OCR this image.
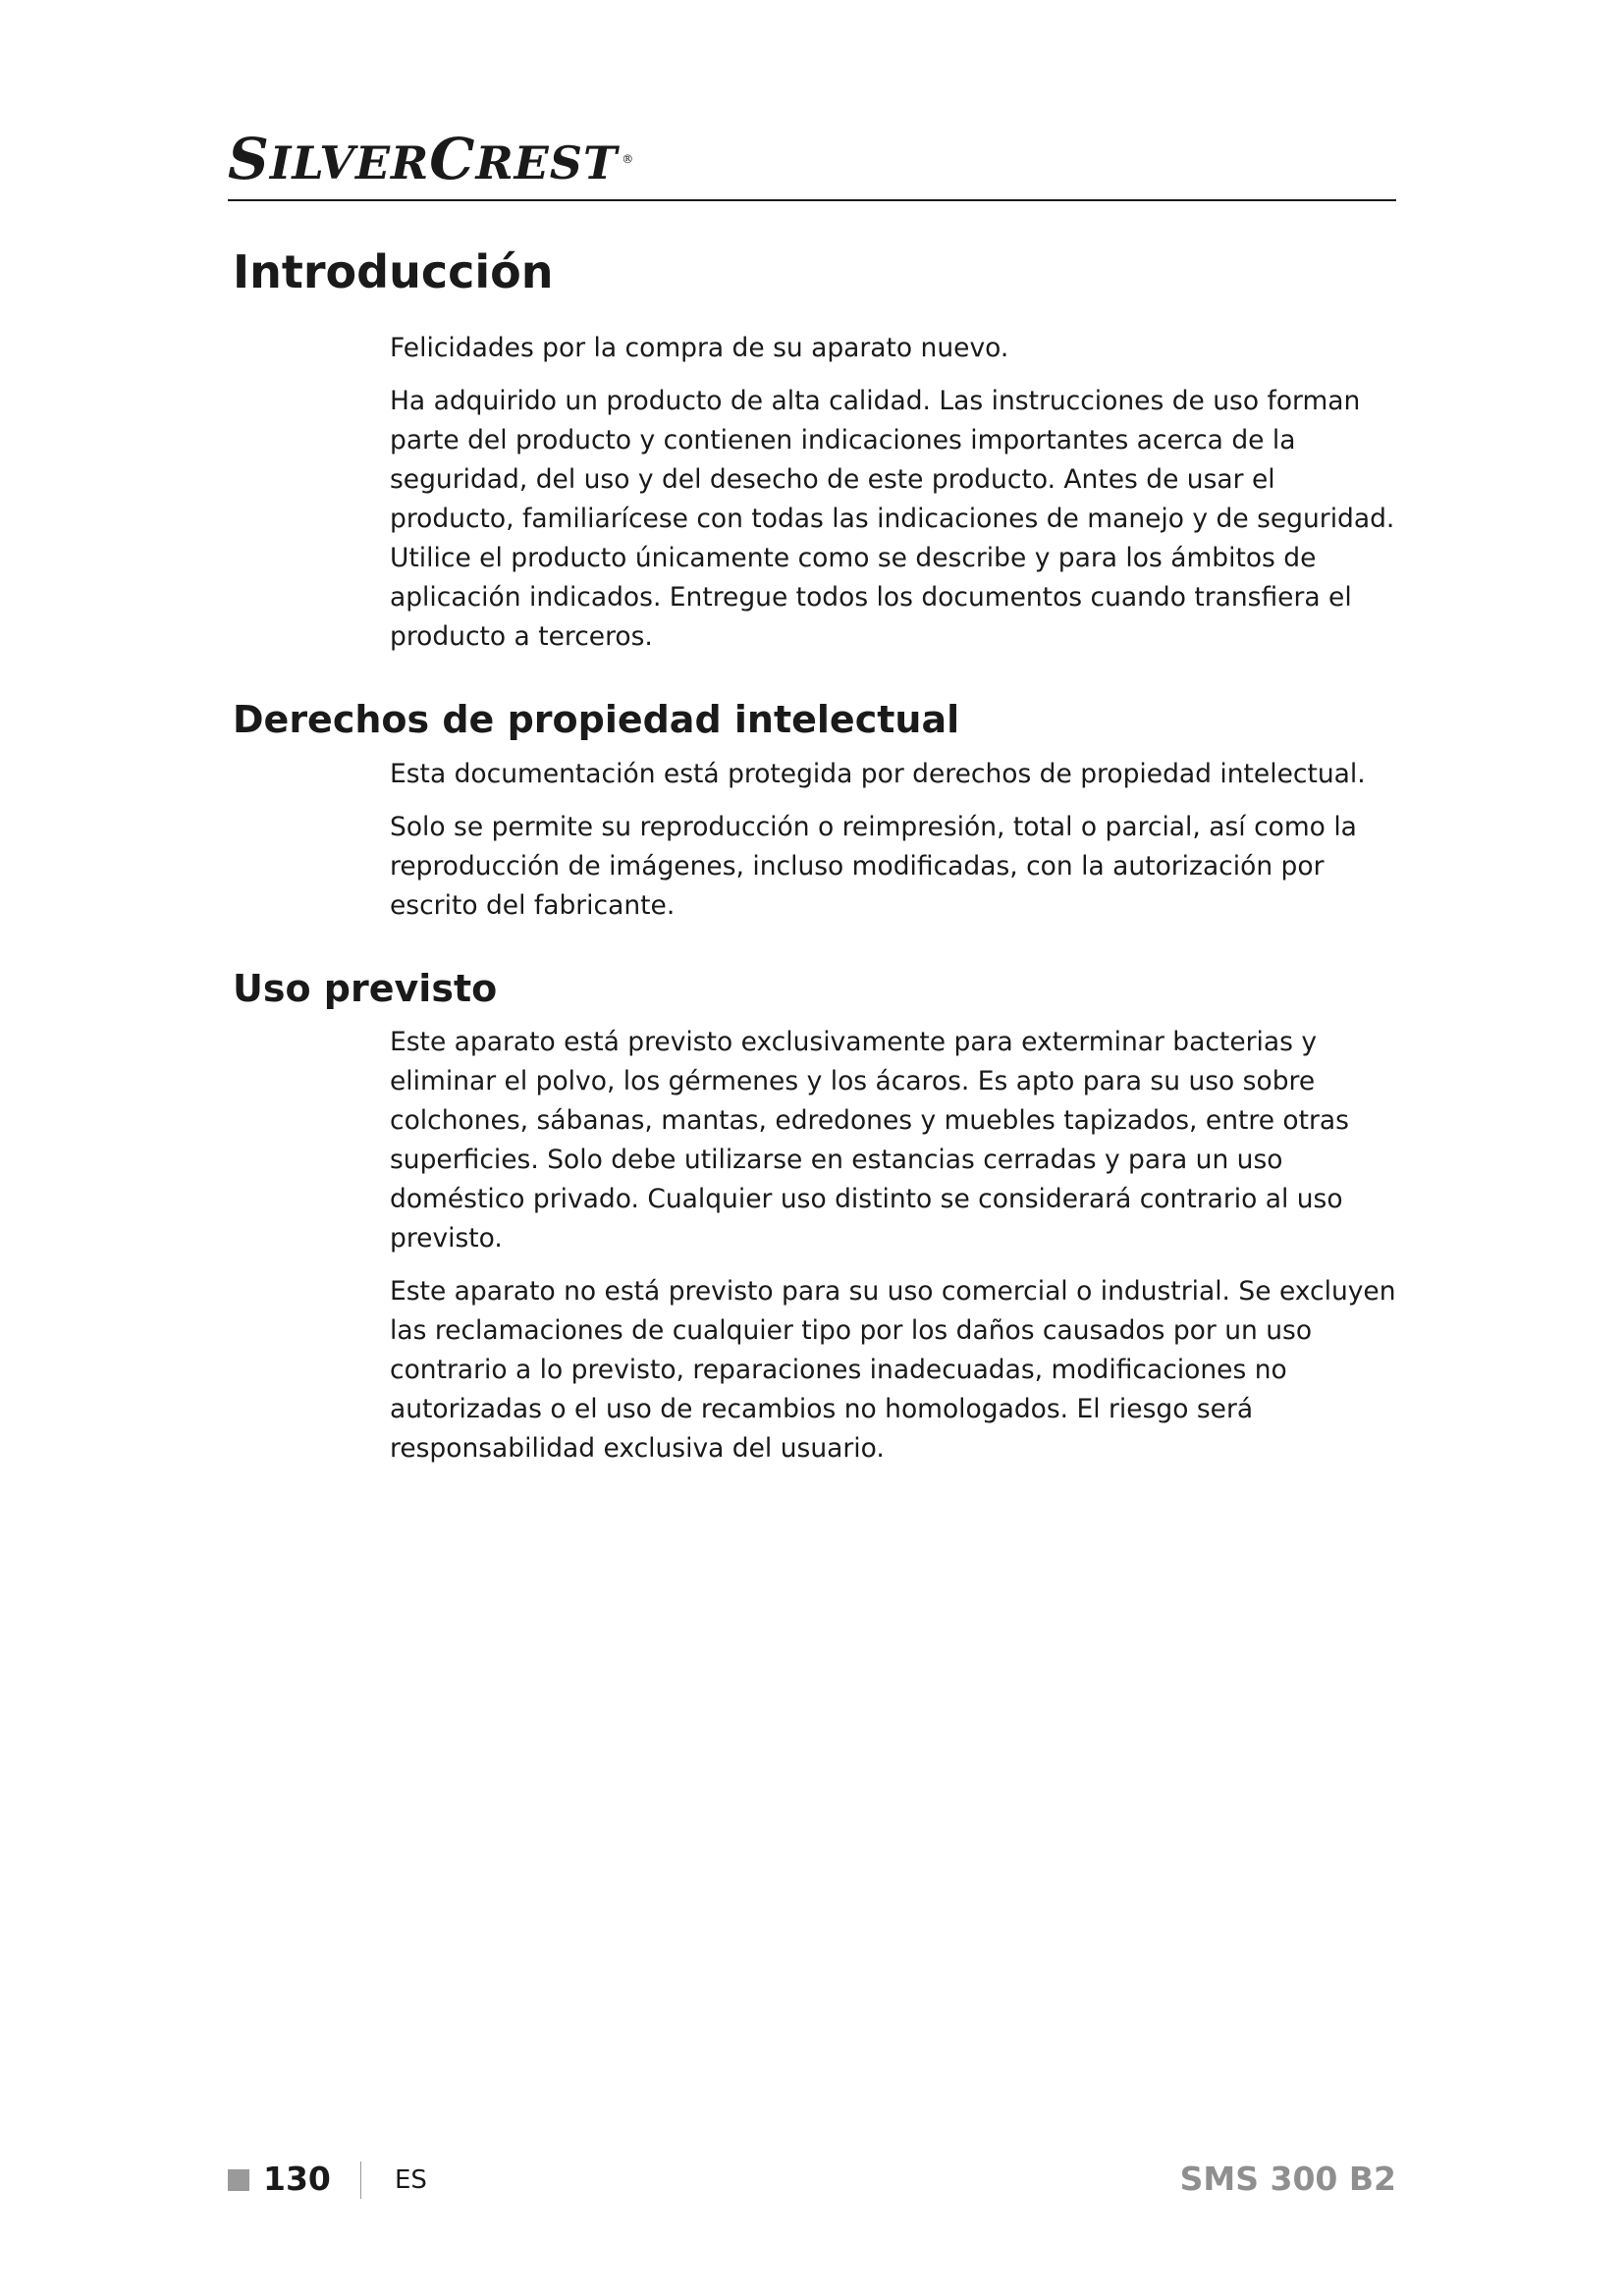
SILVERCREST ®
Introducción

Felicidades por la compra de su aparato nuevo.

Ha adquirido un producto de alta calidad. Las instrucciones de uso forman parte del producto y contienen indicaciones importantes acerca de la seguridad, del uso y del desecho de este producto. Antes de usar el producto, familiarícese con todas las indicaciones de manejo y de seguridad. Utilice el producto únicamente como se describe y para los ámbitos de aplicación indicados. Entregue todos los documentos cuando transfiera el producto a terceros.

Derechos de propiedad intelectual

Esta documentación está protegida por derechos de propiedad intelectual.

Solo se permite su reproducción o reimpresión, total o parcial, así como la reproducción de imágenes, incluso modificadas, con la autorización por escrito del fabricante.

Uso previsto

Este aparato está previsto exclusivamente para exterminar bacterias y eliminar el polvo, los gérmenes y los ácaros. Es apto para su uso sobre colchones, sábanas, mantas, edredones y muebles tapizados, entre otras superficies. Solo debe utilizarse en estancias cerradas y para un uso doméstico privado. Cualquier uso distinto se considerará contrario al uso previsto.

Este aparato no está previsto para su uso comercial o industrial. Se excluyen las reclamaciones de cualquier tipo por los daños causados por un uso contrario a lo previsto, reparaciones inadecuadas, modificaciones no autorizadas o el uso de recambios no homologados. El riesgo será responsabilidad exclusiva del usuario.

130	ES	SMS 300 B2
